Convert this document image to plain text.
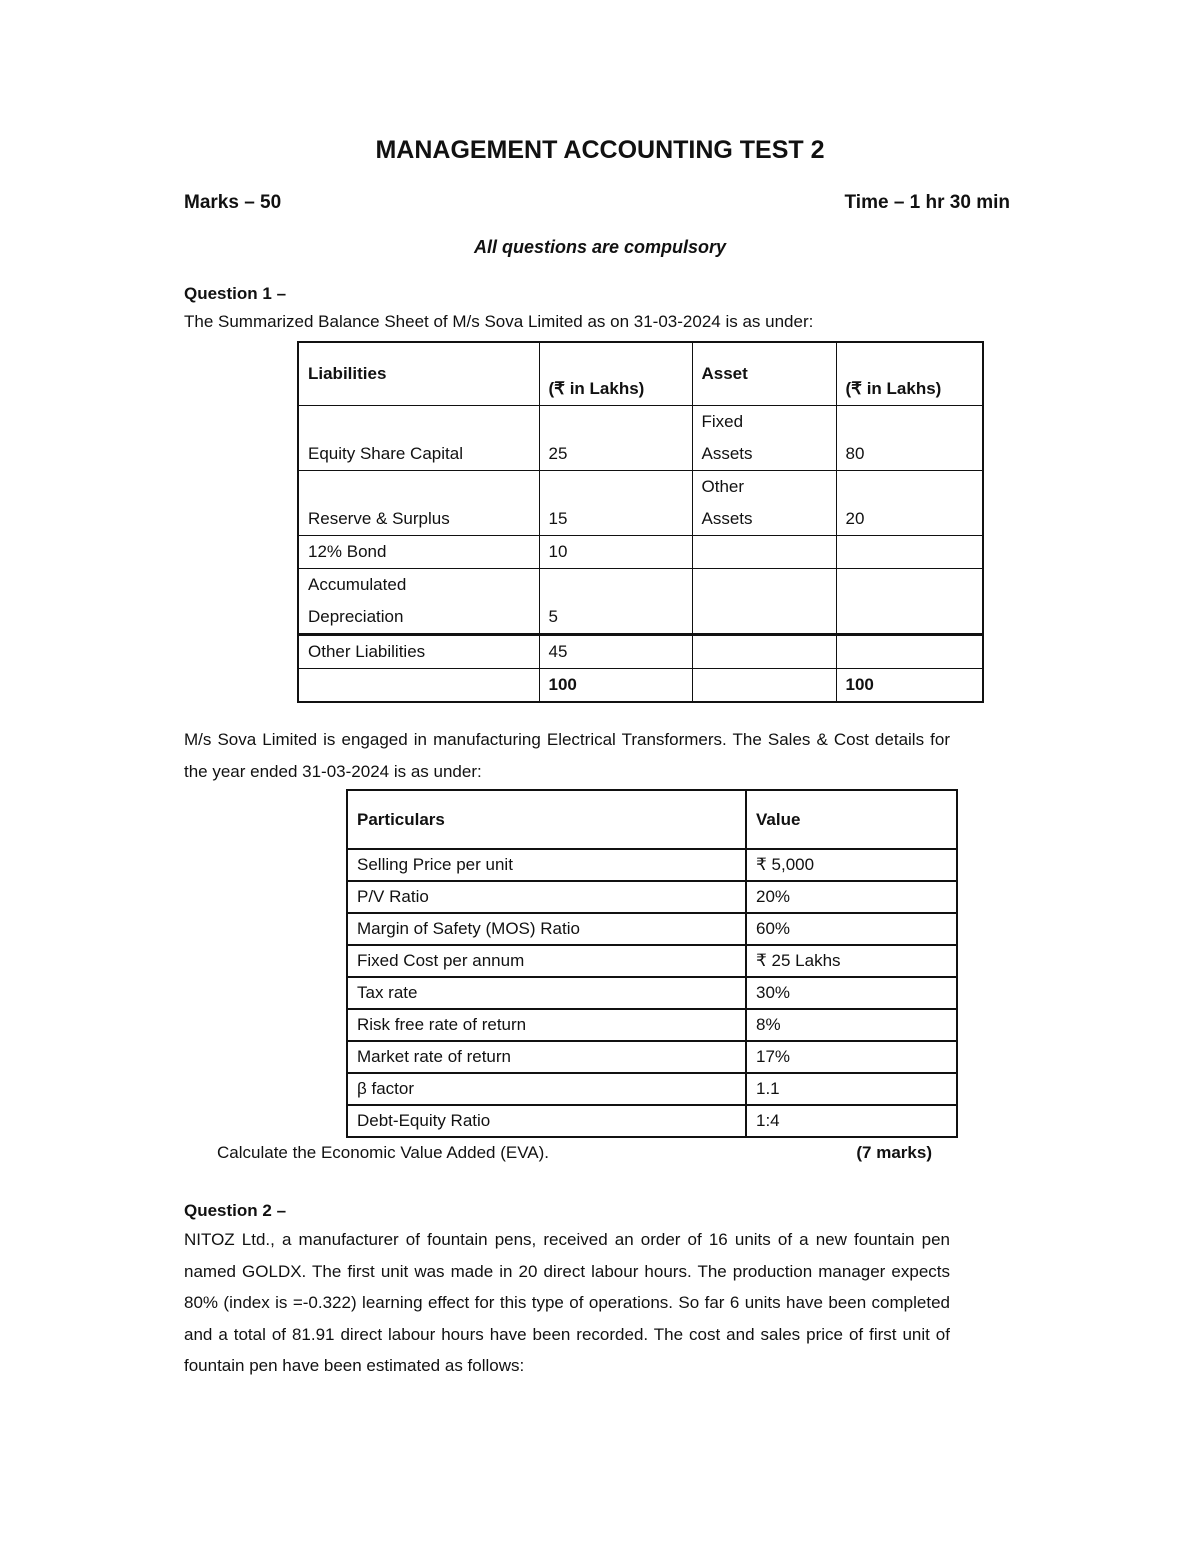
MANAGEMENT ACCOUNTING TEST 2
Marks – 50	Time – 1 hr 30 min
All questions are compulsory
Question 1 –
The Summarized Balance Sheet of M/s Sova Limited as on 31-03-2024 is as under:
Liabilities	(₹ in Lakhs)	Asset	(₹ in Lakhs)
Equity Share Capital	25	Fixed Assets	80
Reserve & Surplus	15	Other Assets	20
12% Bond	10		
Accumulated Depreciation	5		
Other Liabilities	45		
	100		100
M/s Sova Limited is engaged in manufacturing Electrical Transformers. The Sales & Cost details for the year ended 31-03-2024 is as under:
Particulars	Value
Selling Price per unit	₹ 5,000
P/V Ratio	20%
Margin of Safety (MOS) Ratio	60%
Fixed Cost per annum	₹ 25 Lakhs
Tax rate	30%
Risk free rate of return	8%
Market rate of return	17%
β factor	1.1
Debt-Equity Ratio	1:4
Calculate the Economic Value Added (EVA).	(7 marks)
Question 2 –
NITOZ Ltd., a manufacturer of fountain pens, received an order of 16 units of a new fountain pen named GOLDX. The first unit was made in 20 direct labour hours. The production manager expects 80% (index is =-0.322) learning effect for this type of operations. So far 6 units have been completed and a total of 81.91 direct labour hours have been recorded. The cost and sales price of first unit of fountain pen have been estimated as follows:
